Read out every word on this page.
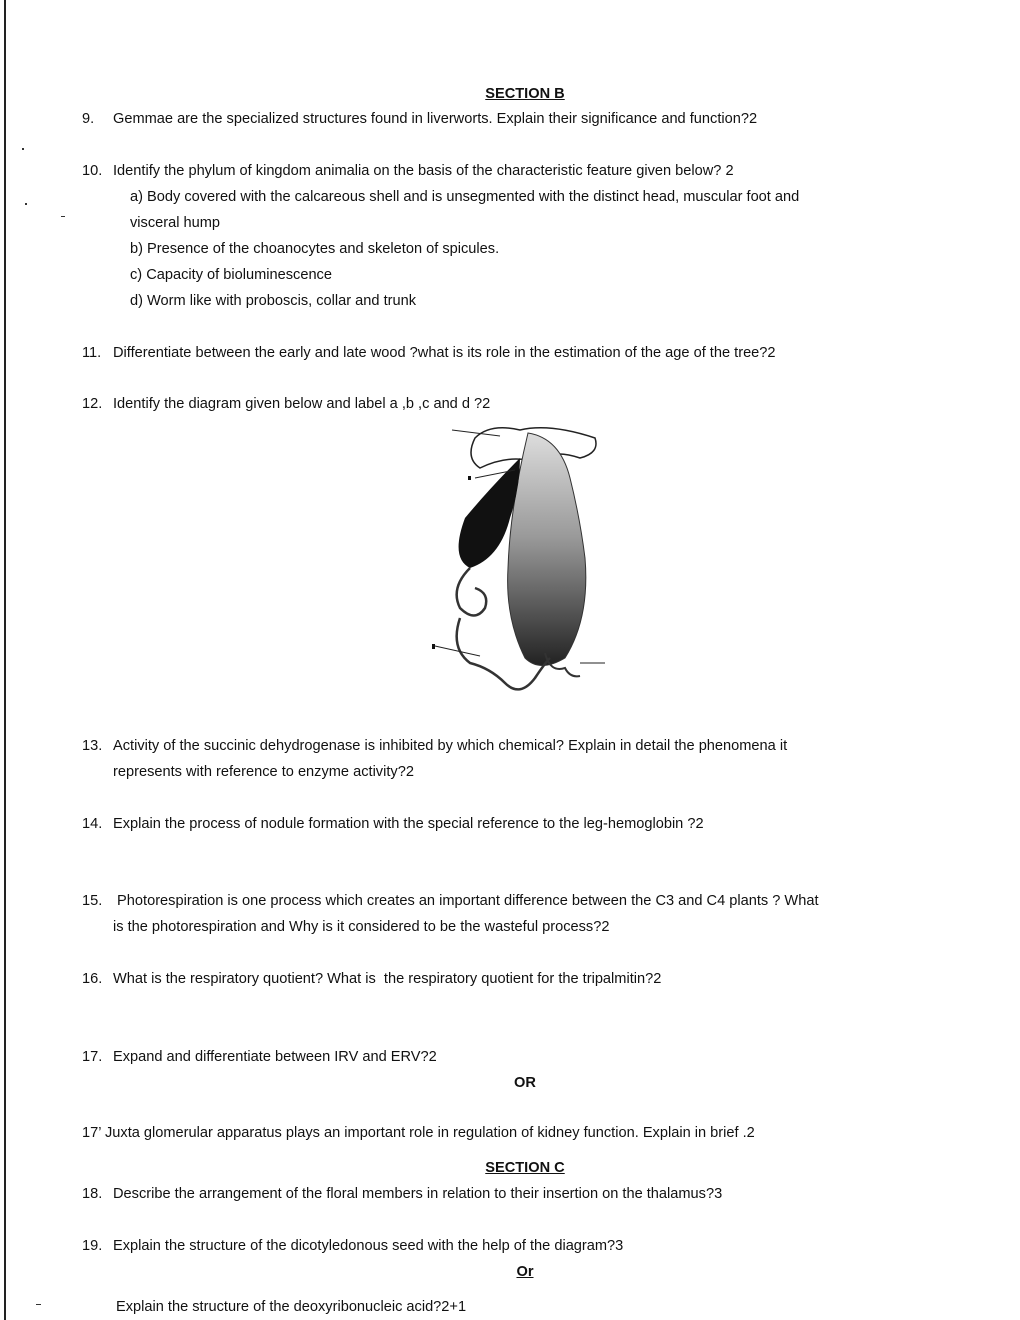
SECTION B
9. Gemmae are the specialized structures found in liverworts. Explain their significance and function?2
10. Identify the phylum of kingdom animalia on the basis of the characteristic feature given below? 2
a) Body covered with the calcareous shell and is unsegmented with the distinct head, muscular foot and
visceral hump
b) Presence of the choanocytes and skeleton of spicules.
c) Capacity of bioluminescence
d) Worm like with proboscis, collar and trunk
11. Differentiate between the early and late wood ?what is its role in the estimation of the age of the tree?2
12. Identify the diagram given below and label a ,b ,c and d ?2
13. Activity of the succinic dehydrogenase is inhibited by which chemical? Explain in detail the phenomena it
represents with reference to enzyme activity?2
14. Explain the process of nodule formation with the special reference to the leg-hemoglobin ?2
15. Photorespiration is one process which creates an important difference between the C3 and C4 plants ? What
is the photorespiration and Why is it considered to be the wasteful process?2
16. What is the respiratory quotient? What is  the respiratory quotient for the tripalmitin?2
17. Expand and differentiate between IRV and ERV?2
OR
17’ Juxta glomerular apparatus plays an important role in regulation of kidney function. Explain in brief .2
SECTION C
18. Describe the arrangement of the floral members in relation to their insertion on the thalamus?3
19. Explain the structure of the dicotyledonous seed with the help of the diagram?3
Or
Explain the structure of the deoxyribonucleic acid?2+1
